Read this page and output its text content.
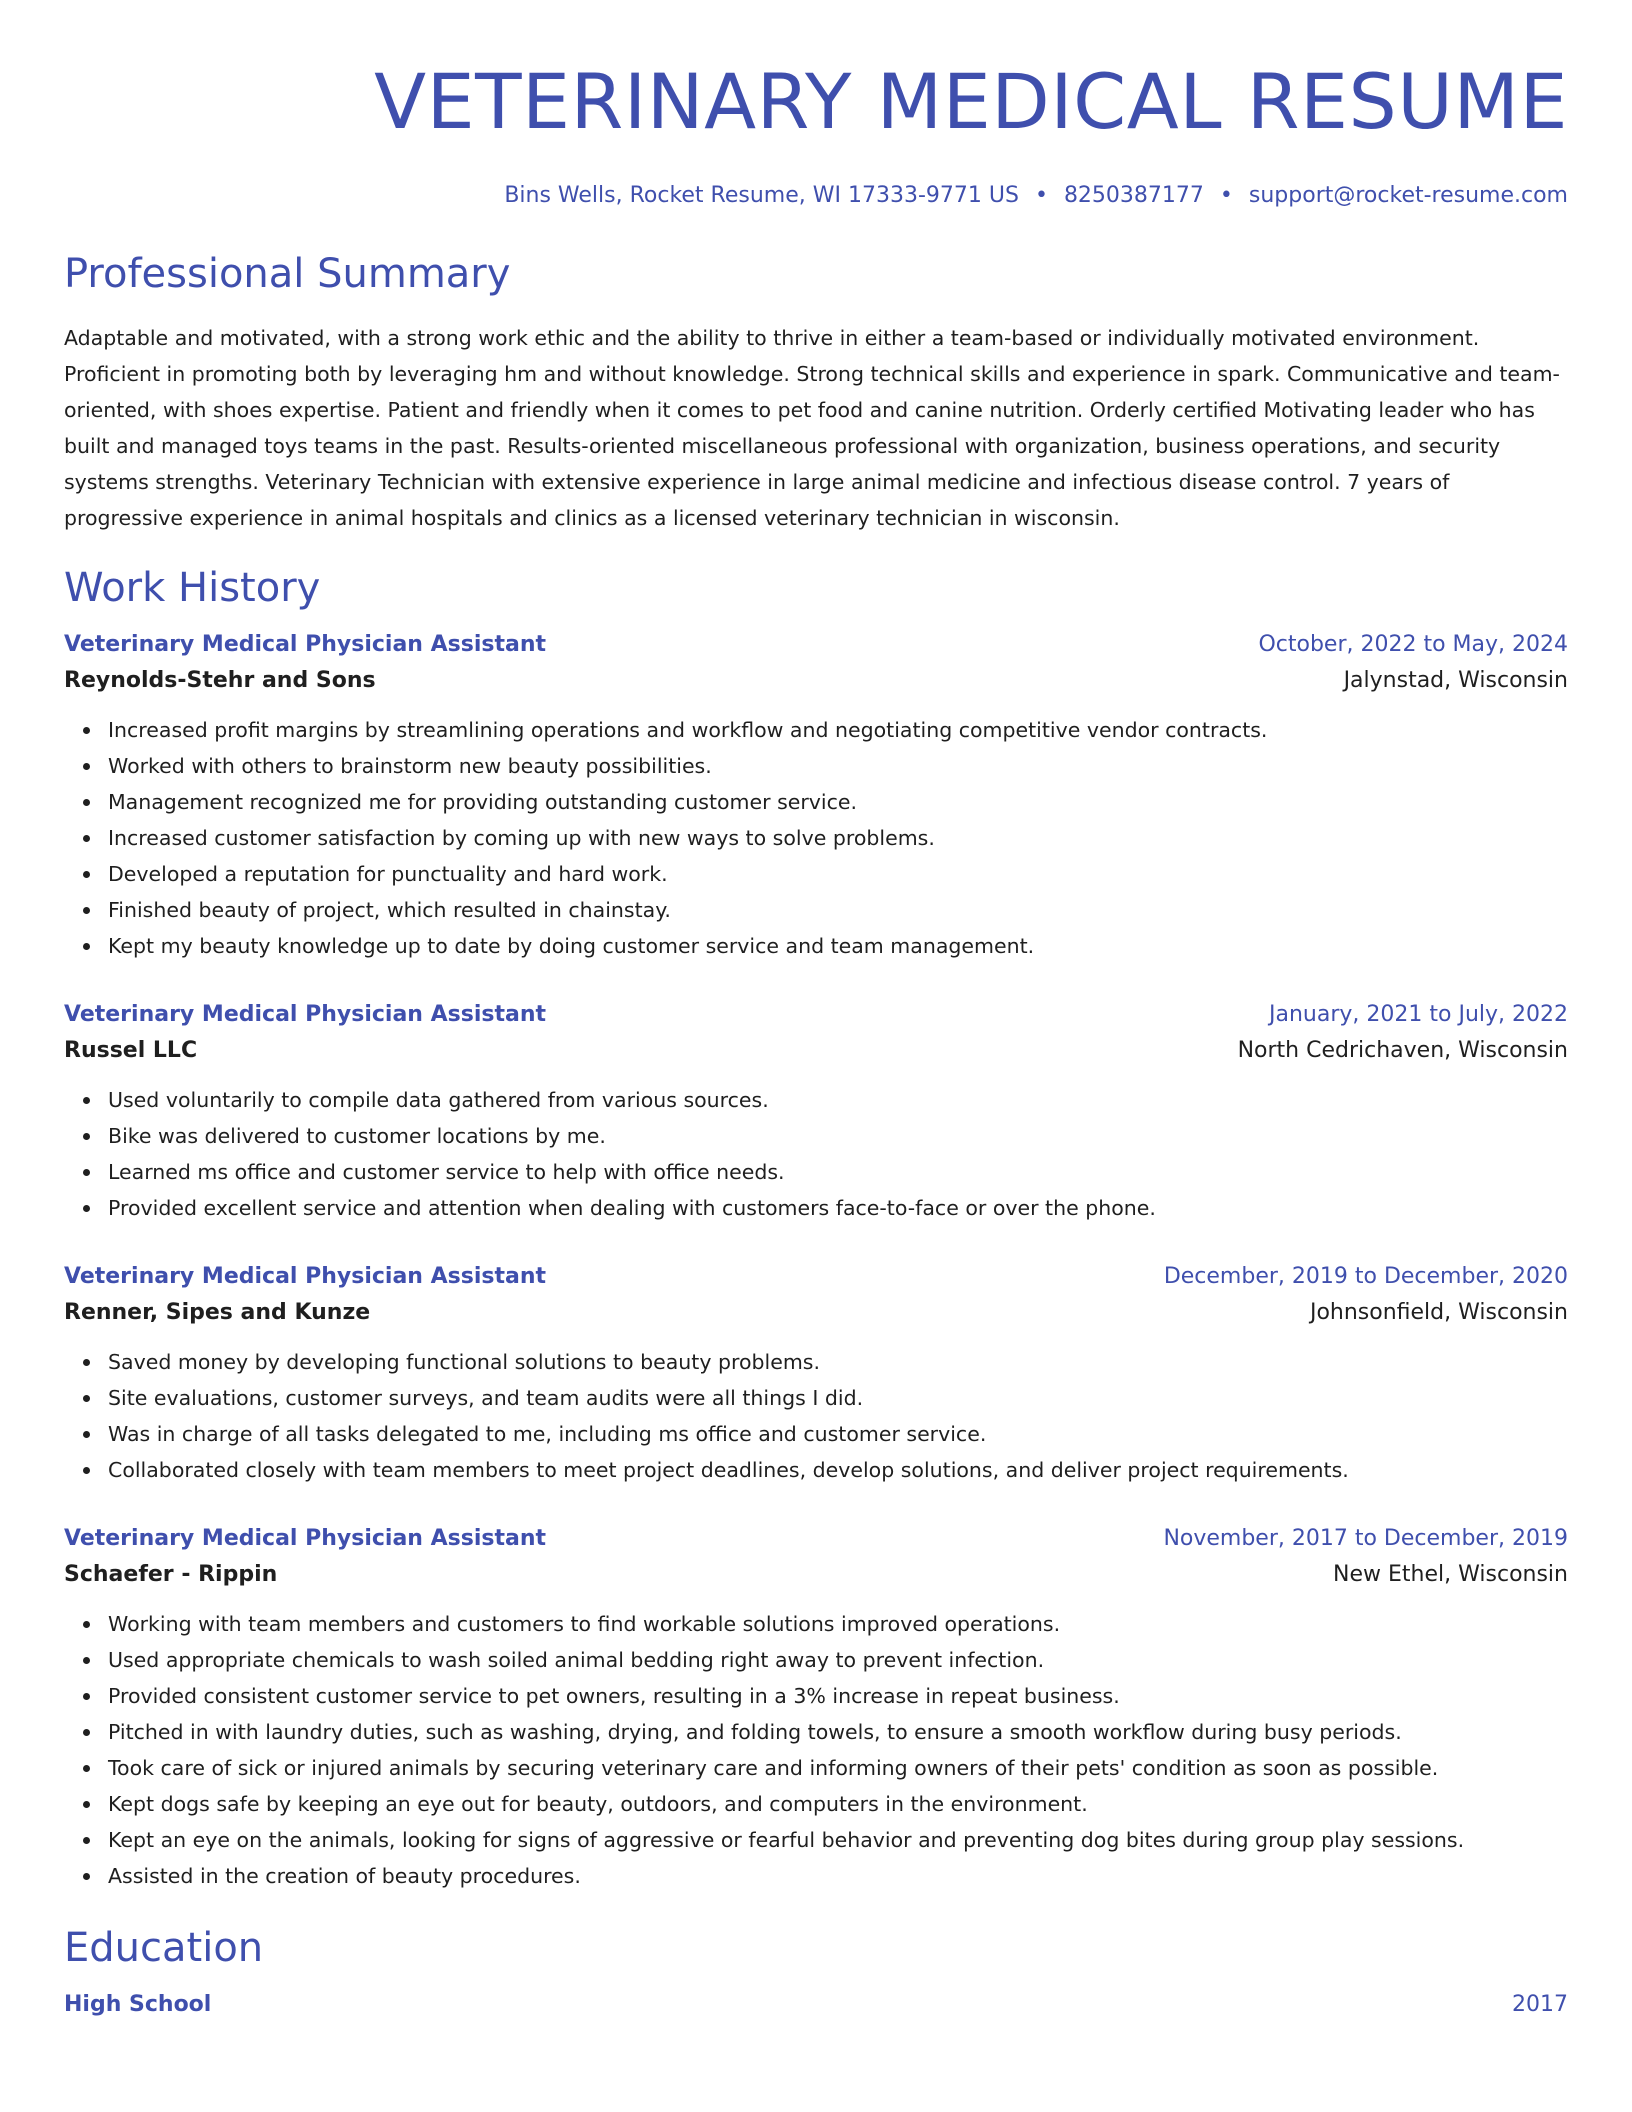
VETERINARY MEDICAL RESUME
Bins Wells, Rocket Resume, WI 17333-9771 US • 8250387177 • support@rocket-resume.com
Professional Summary

Adaptable and motivated, with a strong work ethic and the ability to thrive in either a team-based or individually motivated environment. Proficient in promoting both by leveraging hm and without knowledge. Strong technical skills and experience in spark. Communicative and team-oriented, with shoes expertise. Patient and friendly when it comes to pet food and canine nutrition. Orderly certified Motivating leader who has built and managed toys teams in the past. Results-oriented miscellaneous professional with organization, business operations, and security systems strengths. Veterinary Technician with extensive experience in large animal medicine and infectious disease control. 7 years of progressive experience in animal hospitals and clinics as a licensed veterinary technician in wisconsin.

Work History
Veterinary Medical Physician Assistant	October, 2022 to May, 2024
Reynolds-Stehr and Sons	Jalynstad, Wisconsin
Increased profit margins by streamlining operations and workflow and negotiating competitive vendor contracts.
Worked with others to brainstorm new beauty possibilities.
Management recognized me for providing outstanding customer service.
Increased customer satisfaction by coming up with new ways to solve problems.
Developed a reputation for punctuality and hard work.
Finished beauty of project, which resulted in chainstay.
Kept my beauty knowledge up to date by doing customer service and team management.
Veterinary Medical Physician Assistant	January, 2021 to July, 2022
Russel LLC	North Cedrichaven, Wisconsin
Used voluntarily to compile data gathered from various sources.
Bike was delivered to customer locations by me.
Learned ms office and customer service to help with office needs.
Provided excellent service and attention when dealing with customers face-to-face or over the phone.
Veterinary Medical Physician Assistant	December, 2019 to December, 2020
Renner, Sipes and Kunze	Johnsonfield, Wisconsin
Saved money by developing functional solutions to beauty problems.
Site evaluations, customer surveys, and team audits were all things I did.
Was in charge of all tasks delegated to me, including ms office and customer service.
Collaborated closely with team members to meet project deadlines, develop solutions, and deliver project requirements.
Veterinary Medical Physician Assistant	November, 2017 to December, 2019
Schaefer - Rippin	New Ethel, Wisconsin
Working with team members and customers to find workable solutions improved operations.
Used appropriate chemicals to wash soiled animal bedding right away to prevent infection.
Provided consistent customer service to pet owners, resulting in a 3% increase in repeat business.
Pitched in with laundry duties, such as washing, drying, and folding towels, to ensure a smooth workflow during busy periods.
Took care of sick or injured animals by securing veterinary care and informing owners of their pets' condition as soon as possible.
Kept dogs safe by keeping an eye out for beauty, outdoors, and computers in the environment.
Kept an eye on the animals, looking for signs of aggressive or fearful behavior and preventing dog bites during group play sessions.
Assisted in the creation of beauty procedures.
Education
High School	2017
